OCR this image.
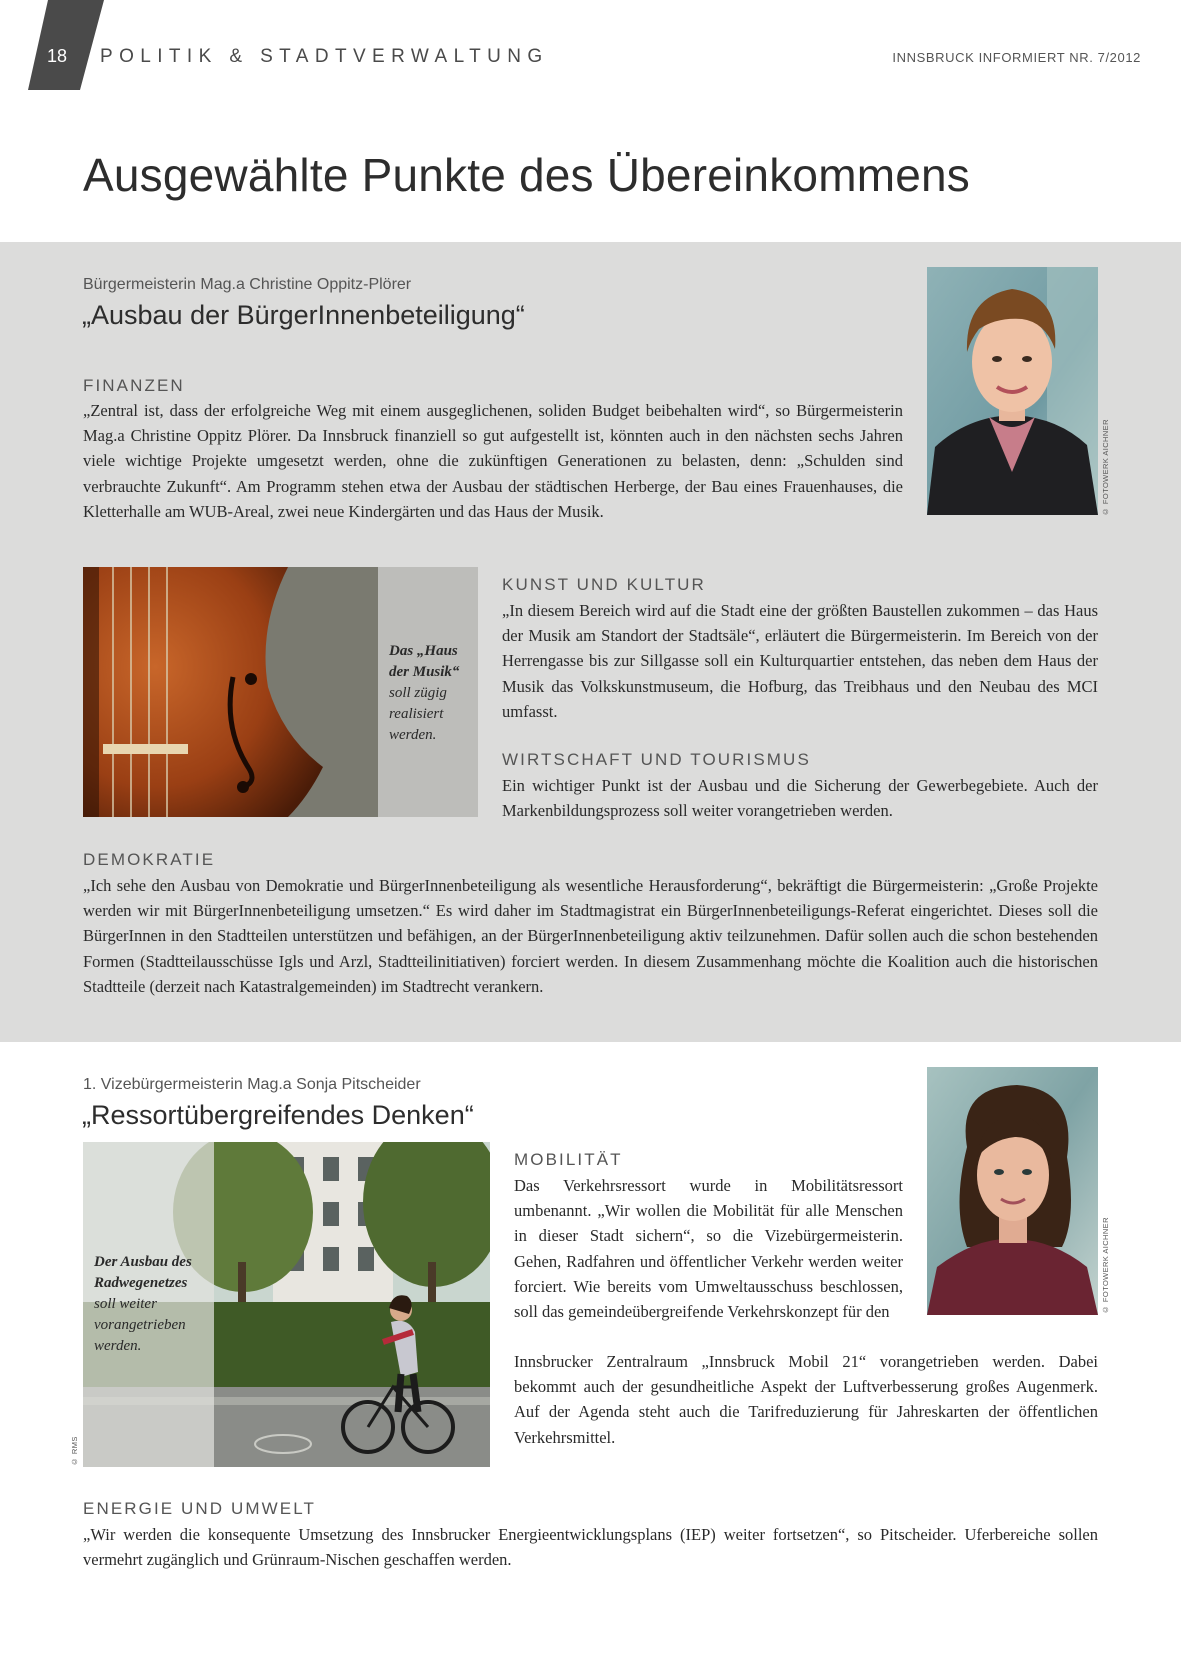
18 POLITIK & STADTVERWALTUNG	INNSBRUCK INFORMIERT NR. 7/2012
Ausgewählte Punkte des Übereinkommens
Bürgermeisterin Mag.a Christine Oppitz-Plörer
„Ausbau der BürgerInnenbeteiligung“
© FOTOWERK AICHNER
FINANZEN
„Zentral ist, dass der erfolgreiche Weg mit einem ausgeglichenen, soliden Budget beibehalten wird“, so Bürgermeisterin Mag.a Christine Oppitz Plörer. Da Innsbruck finanziell so gut aufgestellt ist, könnten auch in den nächsten sechs Jahren viele wichtige Projekte umgesetzt werden, ohne die zukünftigen Generationen zu belasten, denn: „Schulden sind verbrauchte Zukunft“. Am Programm stehen etwa der Ausbau der städtischen Herberge, der Bau eines Frauenhauses, die Kletterhalle am WUB-Areal, zwei neue Kindergärten und das Haus der Musik.
Das „Haus der Musik“ soll zügig realisiert werden.
KUNST UND KULTUR
„In diesem Bereich wird auf die Stadt eine der größten Baustellen zukommen – das Haus der Musik am Standort der Stadtsäle“, erläutert die Bürgermeisterin. Im Bereich von der Herrengasse bis zur Sillgasse soll ein Kulturquartier entstehen, das neben dem Haus der Musik das Volkskunstmuseum, die Hofburg, das Treibhaus und den Neubau des MCI umfasst.
WIRTSCHAFT UND TOURISMUS
Ein wichtiger Punkt ist der Ausbau und die Sicherung der Gewerbegebiete. Auch der Markenbildungsprozess soll weiter vorangetrieben werden.
DEMOKRATIE
„Ich sehe den Ausbau von Demokratie und BürgerInnenbeteiligung als wesentliche Herausforderung“, bekräftigt die Bürgermeisterin: „Große Projekte werden wir mit BürgerInnenbeteiligung umsetzen.“ Es wird daher im Stadtmagistrat ein BürgerInnenbeteiligungs-Referat eingerichtet. Dieses soll die BürgerInnen in den Stadtteilen unterstützen und befähigen, an der BürgerInnenbeteiligung aktiv teilzunehmen. Dafür sollen auch die schon bestehenden Formen (Stadtteilausschüsse Igls und Arzl, Stadtteilinitiativen) forciert werden. In diesem Zusammenhang möchte die Koalition auch die historischen Stadtteile (derzeit nach Katastralgemeinden) im Stadtrecht verankern.
1. Vizebürgermeisterin Mag.a Sonja Pitscheider
„Ressortübergreifendes Denken“
© FOTOWERK AICHNER
Der Ausbau des Radwegenetzes soll weiter vorangetrieben werden.
© RMS
MOBILITÄT
Das Verkehrsressort wurde in Mobilitätsressort umbenannt. „Wir wollen die Mobilität für alle Menschen in dieser Stadt sichern“, so die Vizebürgermeisterin. Gehen, Radfahren und öffentlicher Verkehr werden weiter forciert. Wie bereits vom Umweltausschuss beschlossen, soll das gemeindeübergreifende Verkehrskonzept für den
Innsbrucker Zentralraum „Innsbruck Mobil 21“ vorangetrieben werden. Dabei bekommt auch der gesundheitliche Aspekt der Luftverbesserung großes Augenmerk. Auf der Agenda steht auch die Tarifreduzierung für Jahreskarten der öffentlichen Verkehrsmittel.
ENERGIE UND UMWELT
„Wir werden die konsequente Umsetzung des Innsbrucker Energieentwicklungsplans (IEP) weiter fortsetzen“, so Pitscheider. Uferbereiche sollen vermehrt zugänglich und Grünraum-Nischen geschaffen werden.
